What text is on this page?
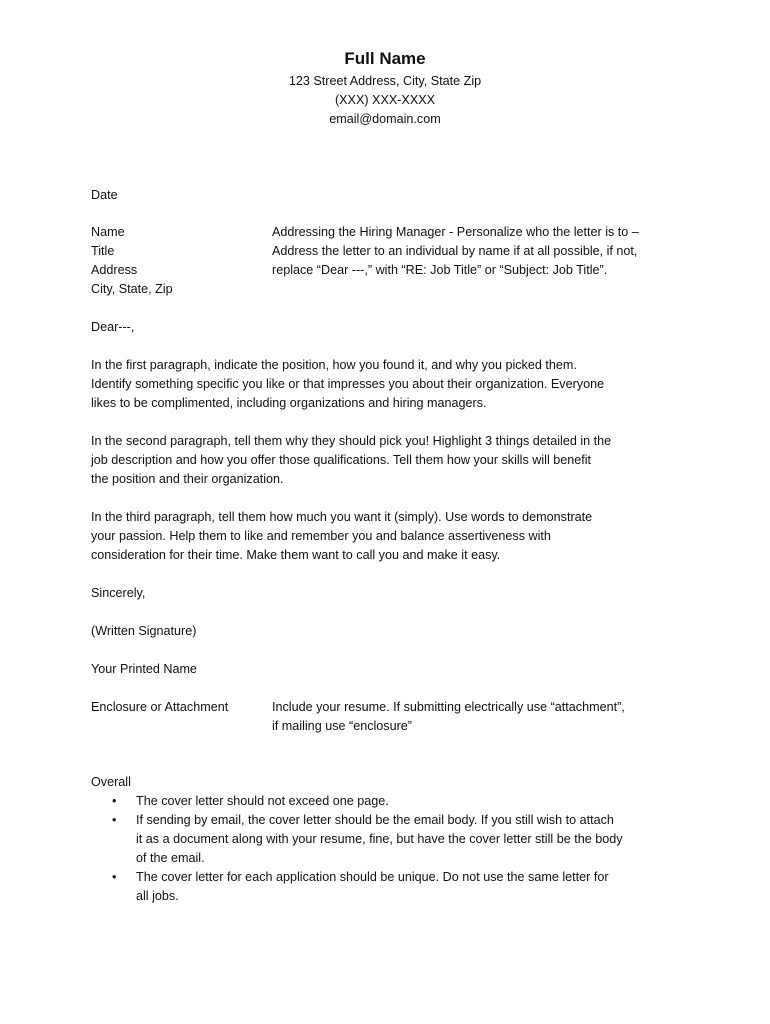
Full Name
123 Street Address, City, State Zip
(XXX) XXX-XXXX
email@domain.com
Date
Name
Title
Address
City, State, Zip
Addressing the Hiring Manager - Personalize who the letter is to –
Address the letter to an individual by name if at all possible, if not,
replace “Dear ---,” with “RE: Job Title” or “Subject: Job Title”.
Dear---,
In the first paragraph, indicate the position, how you found it, and why you picked them.
Identify something specific you like or that impresses you about their organization. Everyone
likes to be complimented, including organizations and hiring managers.
In the second paragraph, tell them why they should pick you! Highlight 3 things detailed in the
job description and how you offer those qualifications. Tell them how your skills will benefit
the position and their organization.
In the third paragraph, tell them how much you want it (simply). Use words to demonstrate
your passion. Help them to like and remember you and balance assertiveness with
consideration for their time. Make them want to call you and make it easy.
Sincerely,
(Written Signature)
Your Printed Name
Enclosure or Attachment	Include your resume. If submitting electrically use “attachment”,
if mailing use “enclosure”
Overall
• The cover letter should not exceed one page.
• If sending by email, the cover letter should be the email body. If you still wish to attach
it as a document along with your resume, fine, but have the cover letter still be the body
of the email.
• The cover letter for each application should be unique. Do not use the same letter for
all jobs.
